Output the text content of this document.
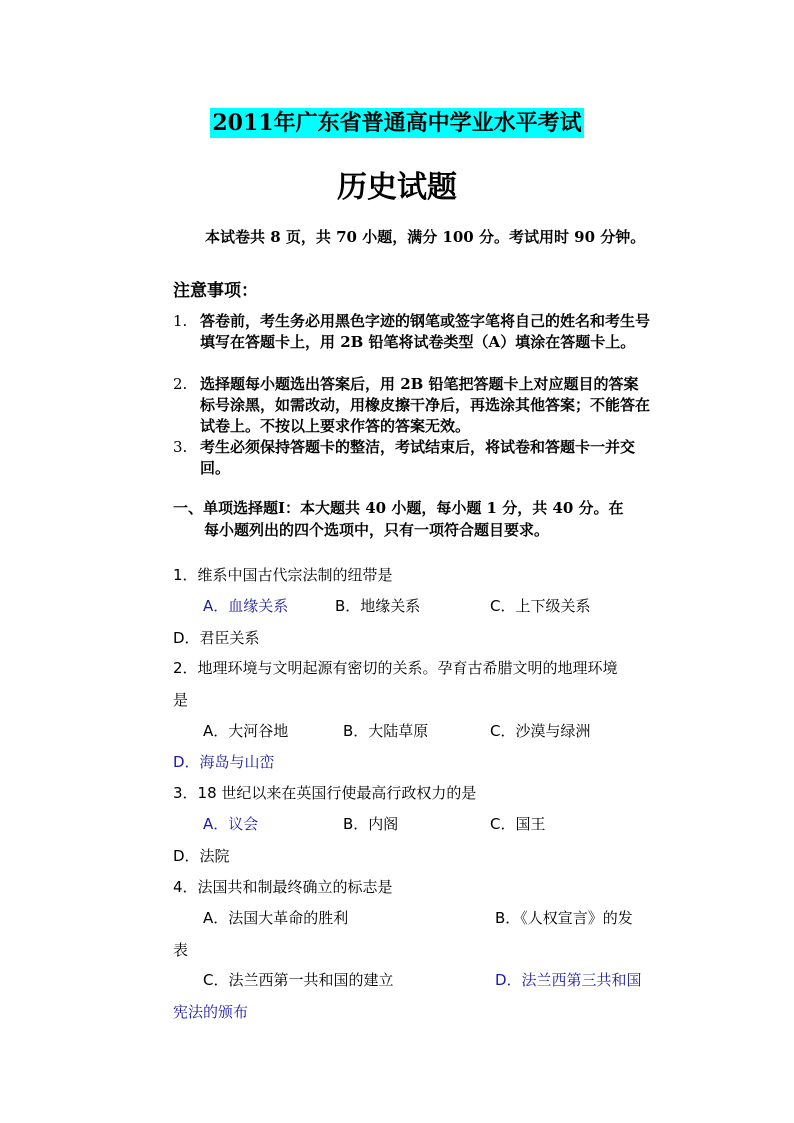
2011年广东省普通高中学业水平考试
历史试题
本试卷共 8 页，共 70 小题，满分 100 分。考试用时 90 分钟。
注意事项：
1. 答卷前，考生务必用黑色字迹的钢笔或签字笔将自己的姓名和考生号填写在答题卡上，用 2B 铅笔将试卷类型（A）填涂在答题卡上。
2. 选择题每小题选出答案后，用 2B 铅笔把答题卡上对应题目的答案标号涂黑，如需改动，用橡皮擦干净后，再选涂其他答案；不能答在试卷上。不按以上要求作答的答案无效。
3. 考生必须保持答题卡的整洁，考试结束后，将试卷和答题卡一并交回。
一、单项选择题Ⅰ：本大题共 40 小题，每小题 1 分，共 40 分。在
每小题列出的四个选项中，只有一项符合题目要求。
1．维系中国古代宗法制的纽带是
A．血缘关系	B．地缘关系	C．上下级关系
D．君臣关系
2．地理环境与文明起源有密切的关系。孕育古希腊文明的地理环境
是
A．大河谷地	B．大陆草原	C．沙漠与绿洲
D．海岛与山峦
3．18 世纪以来在英国行使最高行政权力的是
A．议会	B．内阁	C．国王
D．法院
4．法国共和制最终确立的标志是
A．法国大革命的胜利	B．《人权宣言》的发
表
C．法兰西第一共和国的建立	D．法兰西第三共和国
宪法的颁布
